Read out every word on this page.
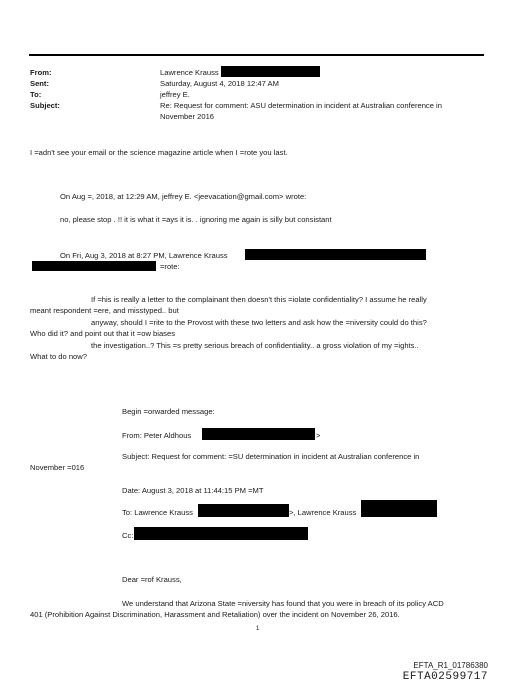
From:	Lawrence Krauss
Sent:	Saturday, August 4, 2018 12:47 AM
To:	jeffrey E.
Subject:	Re: Request for comment: ASU determination in incident at Australian conference in
November 2016
I =adn't see your email or the science magazine article when I =rote you last.
On Aug =, 2018, at 12:29 AM, jeffrey E. <jeevacation@gmail.com> wrote:
no, please stop . !! it is what it =ays it is. . ignoring me again is silly but consistant
On Fri, Aug 3, 2018 at 8:27 PM, Lawrence Krauss
=rote:
If =his is really a letter to the complainant then doesn't this =iolate confidentiality? I assume he really
meant respondent =ere, and misstyped.. but
anyway, should I =rite to the Provost with these two letters and ask how the =niversity could do this?
Who did it? and point out that it =ow biases
the investigation..? This =s pretty serious breach of confidentiality.. a gross violation of my =ights..
What to do now?
Begin =orwarded message:
From: Peter Aldhous	>
Subject: Request for comment: =SU determination in incident at Australian conference in
November =016
Date: August 3, 2018 at 11:44:15 PM =MT
To: Lawrence Krauss	>, Lawrence Krauss
Cc:
Dear =rof Krauss,
We understand that Arizona State =niversity has found that you were in breach of its policy ACD
401 (Prohibition Against Discrimination, Harassment and Retaliation) over the incident on November 26, 2016.
1
EFTA_R1_01786380
EFTA02599717
